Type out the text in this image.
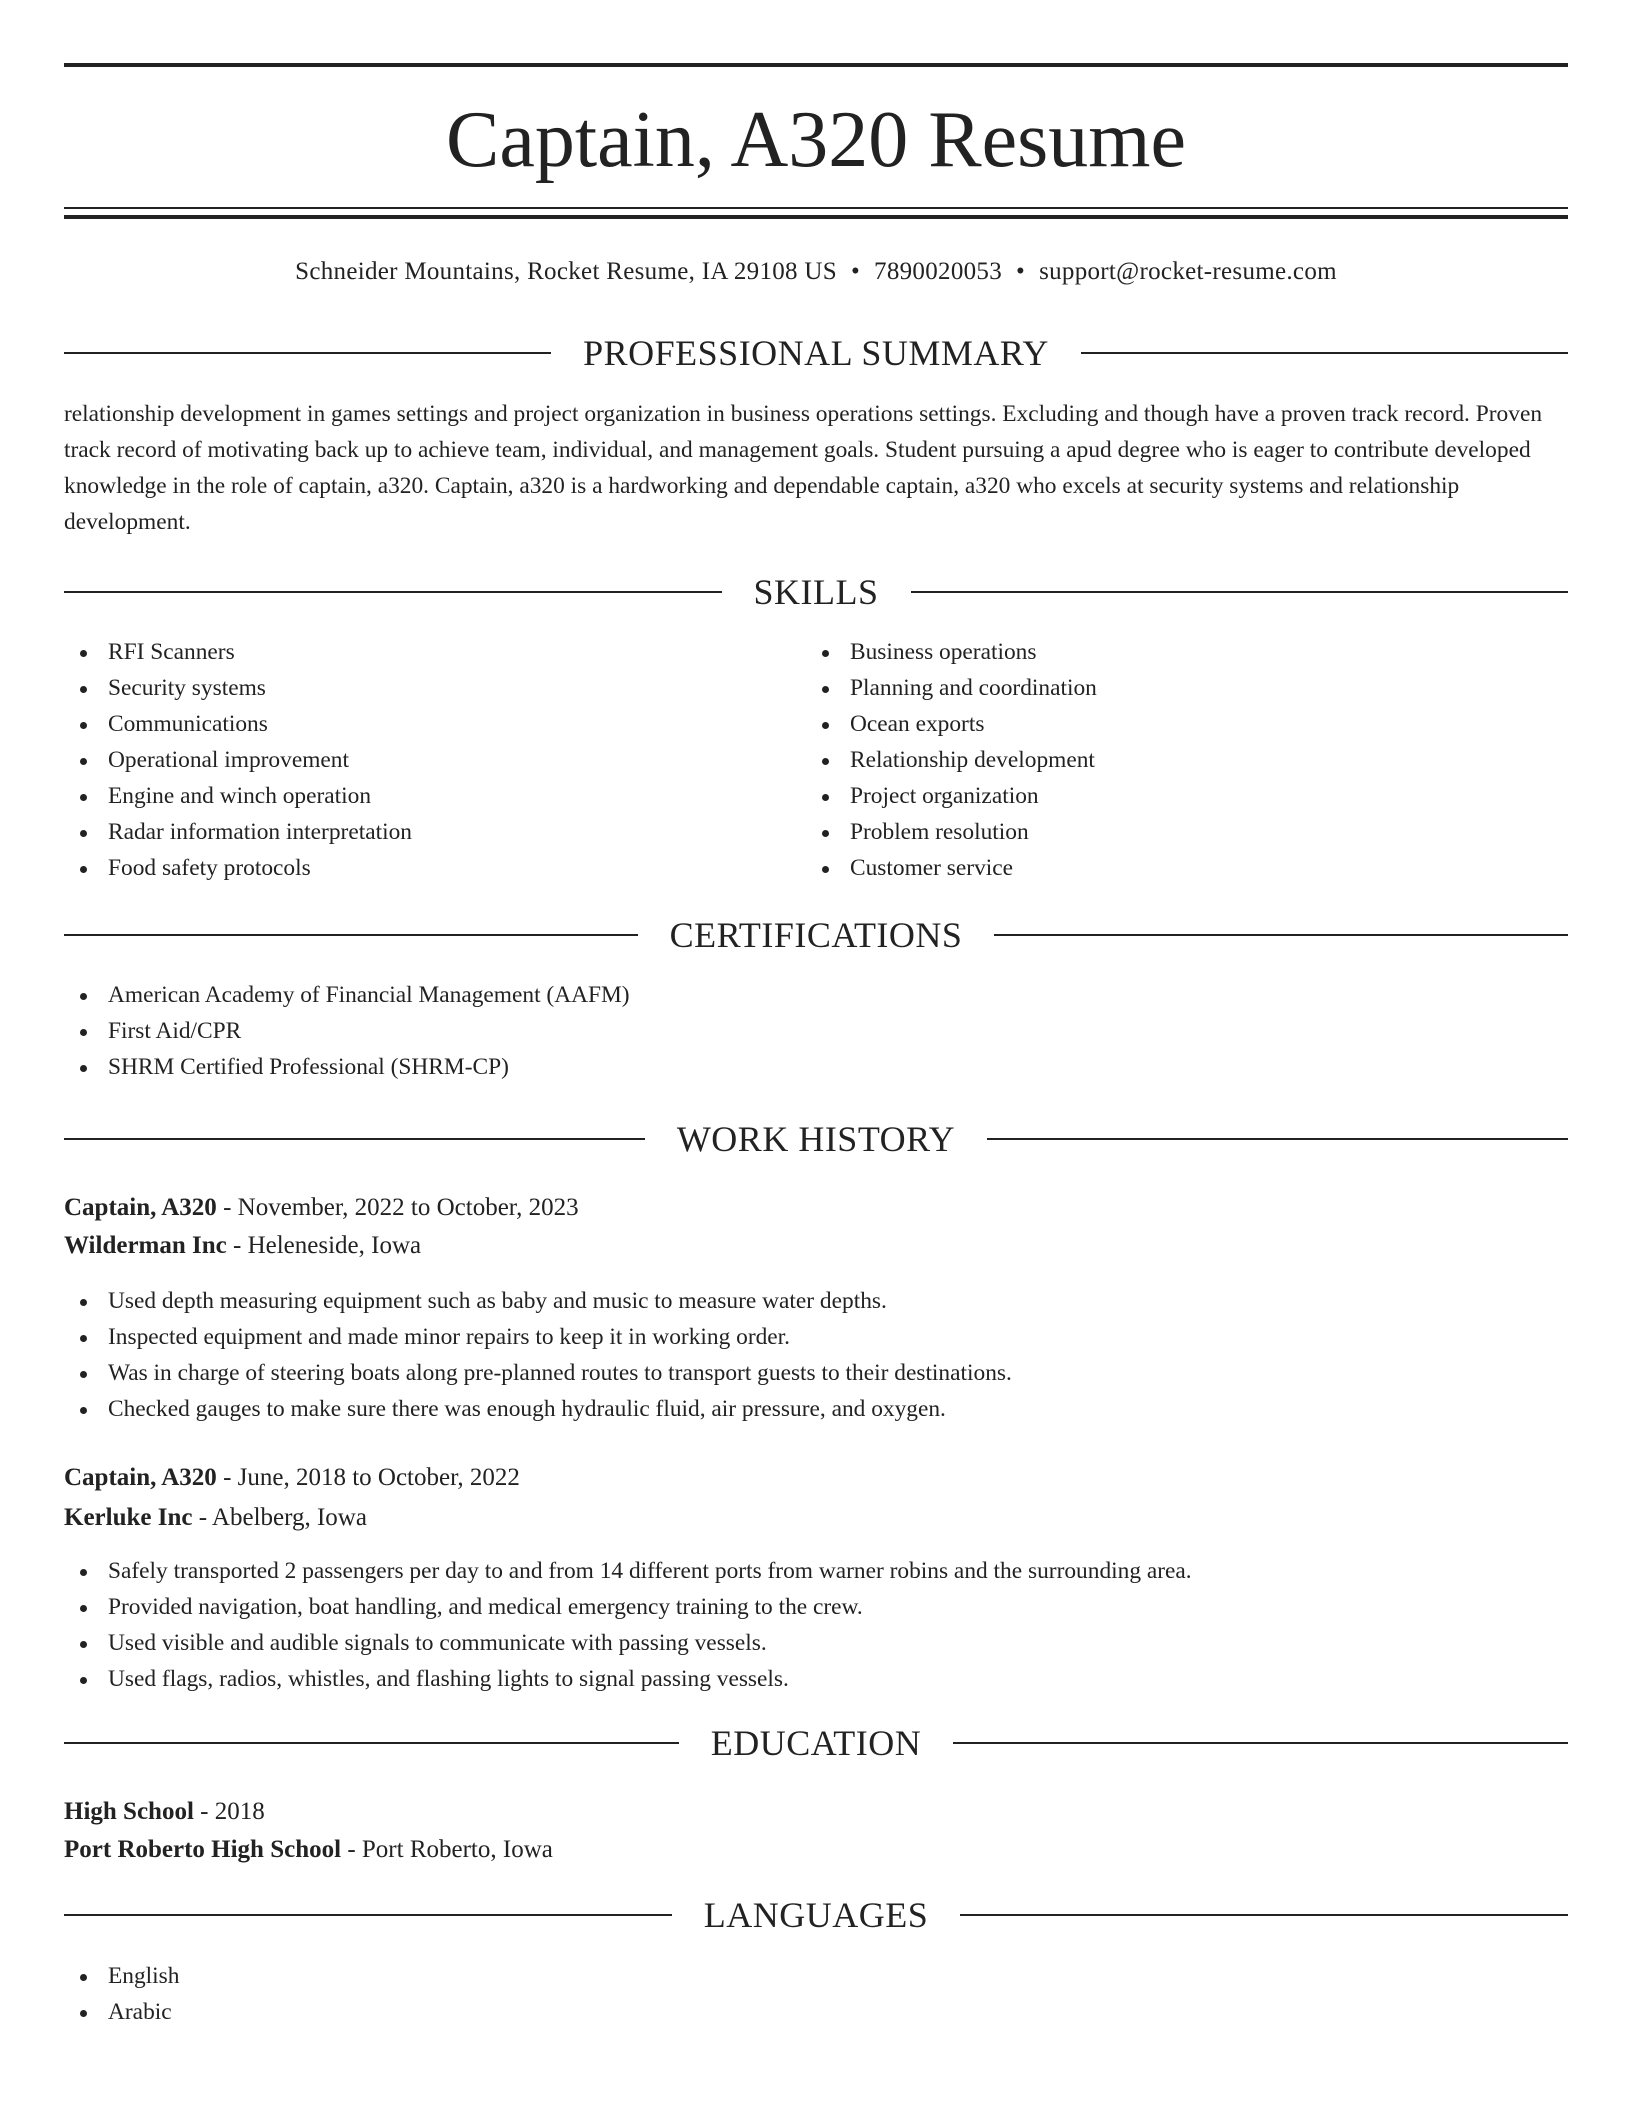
Captain, A320 Resume
Schneider Mountains, Rocket Resume, IA 29108 US • 7890020053 • support@rocket-resume.com
PROFESSIONAL SUMMARY

relationship development in games settings and project organization in business operations settings. Excluding and though have a proven track record. Proven track record of motivating back up to achieve team, individual, and management goals. Student pursuing a apud degree who is eager to contribute developed knowledge in the role of captain, a320. Captain, a320 is a hardworking and dependable captain, a320 who excels at security systems and relationship development.

SKILLS
RFI Scanners
Security systems
Communications
Operational improvement
Engine and winch operation
Radar information interpretation
Food safety protocols
Business operations
Planning and coordination
Ocean exports
Relationship development
Project organization
Problem resolution
Customer service
CERTIFICATIONS
American Academy of Financial Management (AAFM)
First Aid/CPR
SHRM Certified Professional (SHRM-CP)
WORK HISTORY
Captain, A320 - November, 2022 to October, 2023
Wilderman Inc - Heleneside, Iowa
Used depth measuring equipment such as baby and music to measure water depths.
Inspected equipment and made minor repairs to keep it in working order.
Was in charge of steering boats along pre-planned routes to transport guests to their destinations.
Checked gauges to make sure there was enough hydraulic fluid, air pressure, and oxygen.
Captain, A320 - June, 2018 to October, 2022
Kerluke Inc - Abelberg, Iowa
Safely transported 2 passengers per day to and from 14 different ports from warner robins and the surrounding area.
Provided navigation, boat handling, and medical emergency training to the crew.
Used visible and audible signals to communicate with passing vessels.
Used flags, radios, whistles, and flashing lights to signal passing vessels.
EDUCATION
High School - 2018
Port Roberto High School - Port Roberto, Iowa
LANGUAGES
English
Arabic
